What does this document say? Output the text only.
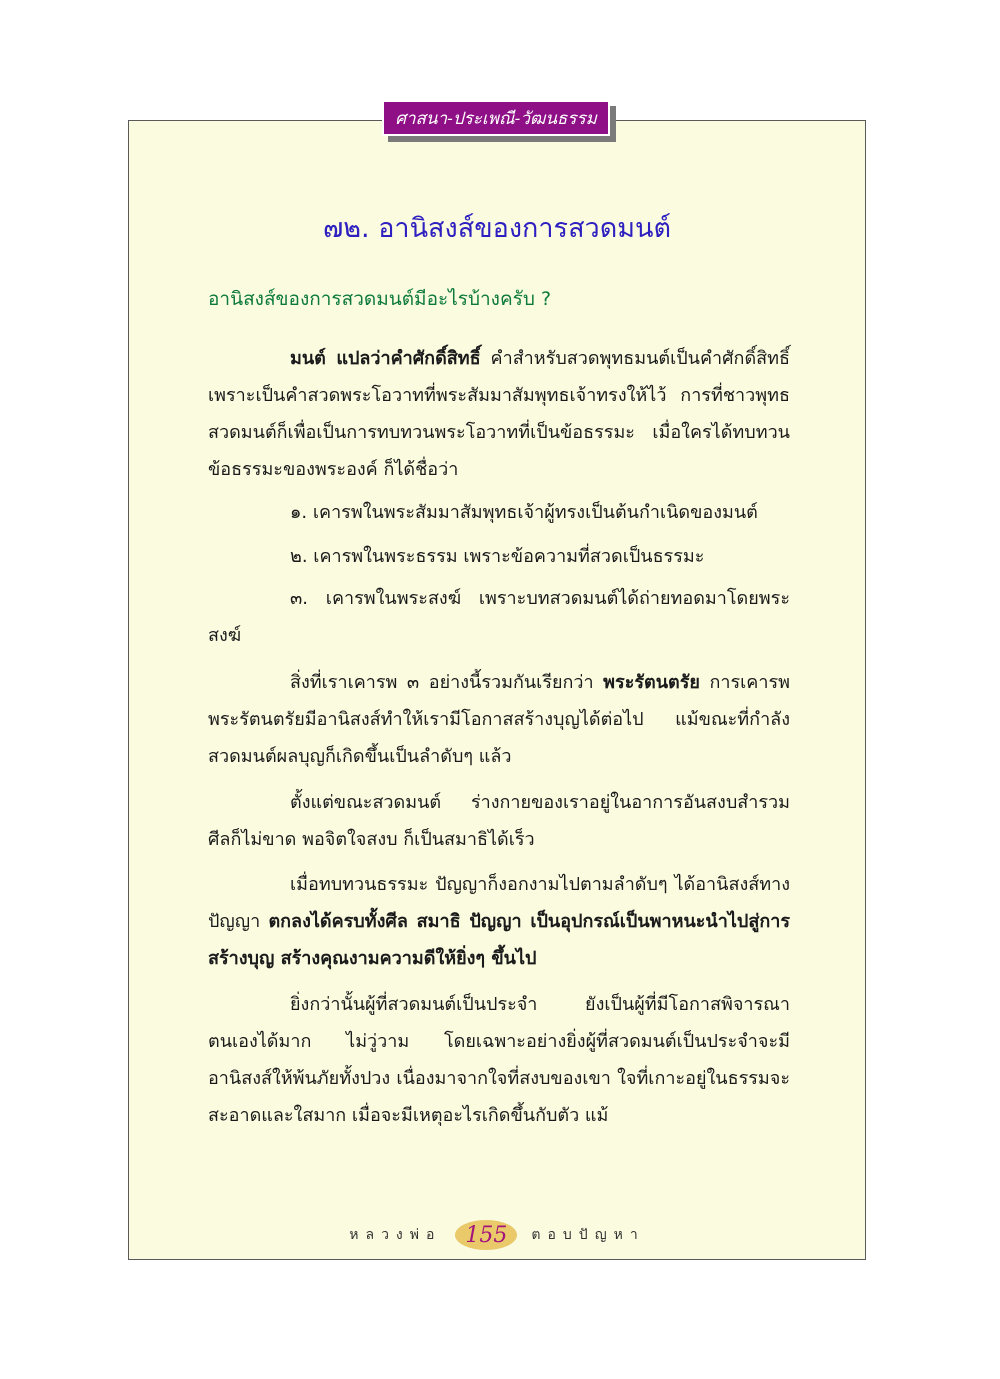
ศาสนา-ประเพณี-วัฒนธรรม
๗๒. อานิสงส์ของการสวดมนต์
อานิสงส์ของการสวดมนต์มีอะไรบ้างครับ ?

มนต์ แปลว่าคำศักดิ์สิทธิ์ คำสำหรับสวดพุทธมนต์เป็นคำศักดิ์สิทธิ์เพราะเป็นคำสวดพระโอวาทที่พระสัมมาสัมพุทธเจ้าทรงให้ไว้ การที่ชาวพุทธสวดมนต์ก็เพื่อเป็นการทบทวนพระโอวาทที่เป็นข้อธรรมะ เมื่อใครได้ทบทวนข้อธรรมะของพระองค์ ก็ได้ชื่อว่า

๑. เคารพในพระสัมมาสัมพุทธเจ้าผู้ทรงเป็นต้นกำเนิดของมนต์

๒. เคารพในพระธรรม เพราะข้อความที่สวดเป็นธรรมะ

๓. เคารพในพระสงฆ์ เพราะบทสวดมนต์ได้ถ่ายทอดมาโดยพระสงฆ์

สิ่งที่เราเคารพ ๓ อย่างนี้รวมกันเรียกว่า พระรัตนตรัย การเคารพพระรัตนตรัยมีอานิสงส์ทำให้เรามีโอกาสสร้างบุญได้ต่อไป แม้ขณะที่กำลังสวดมนต์ผลบุญก็เกิดขึ้นเป็นลำดับๆ แล้ว

ตั้งแต่ขณะสวดมนต์ ร่างกายของเราอยู่ในอาการอันสงบสำรวม ศีลก็ไม่ขาด พอจิตใจสงบ ก็เป็นสมาธิได้เร็ว

เมื่อทบทวนธรรมะ ปัญญาก็งอกงามไปตามลำดับๆ ได้อานิสงส์ทางปัญญา ตกลงได้ครบทั้งศีล สมาธิ ปัญญา เป็นอุปกรณ์เป็นพาหนะนำไปสู่การสร้างบุญ สร้างคุณงามความดีให้ยิ่งๆ ขึ้นไป

ยิ่งกว่านั้นผู้ที่สวดมนต์เป็นประจำ ยังเป็นผู้ที่มีโอกาสพิจารณาตนเองได้มาก ไม่วู่วาม โดยเฉพาะอย่างยิ่งผู้ที่สวดมนต์เป็นประจำจะมีอานิสงส์ให้พ้นภัยทั้งปวง เนื่องมาจากใจที่สงบของเขา ใจที่เกาะอยู่ในธรรมจะสะอาดและใสมาก เมื่อจะมีเหตุอะไรเกิดขึ้นกับตัว แม้

หลวงพ่อ	155	ตอบปัญหา
